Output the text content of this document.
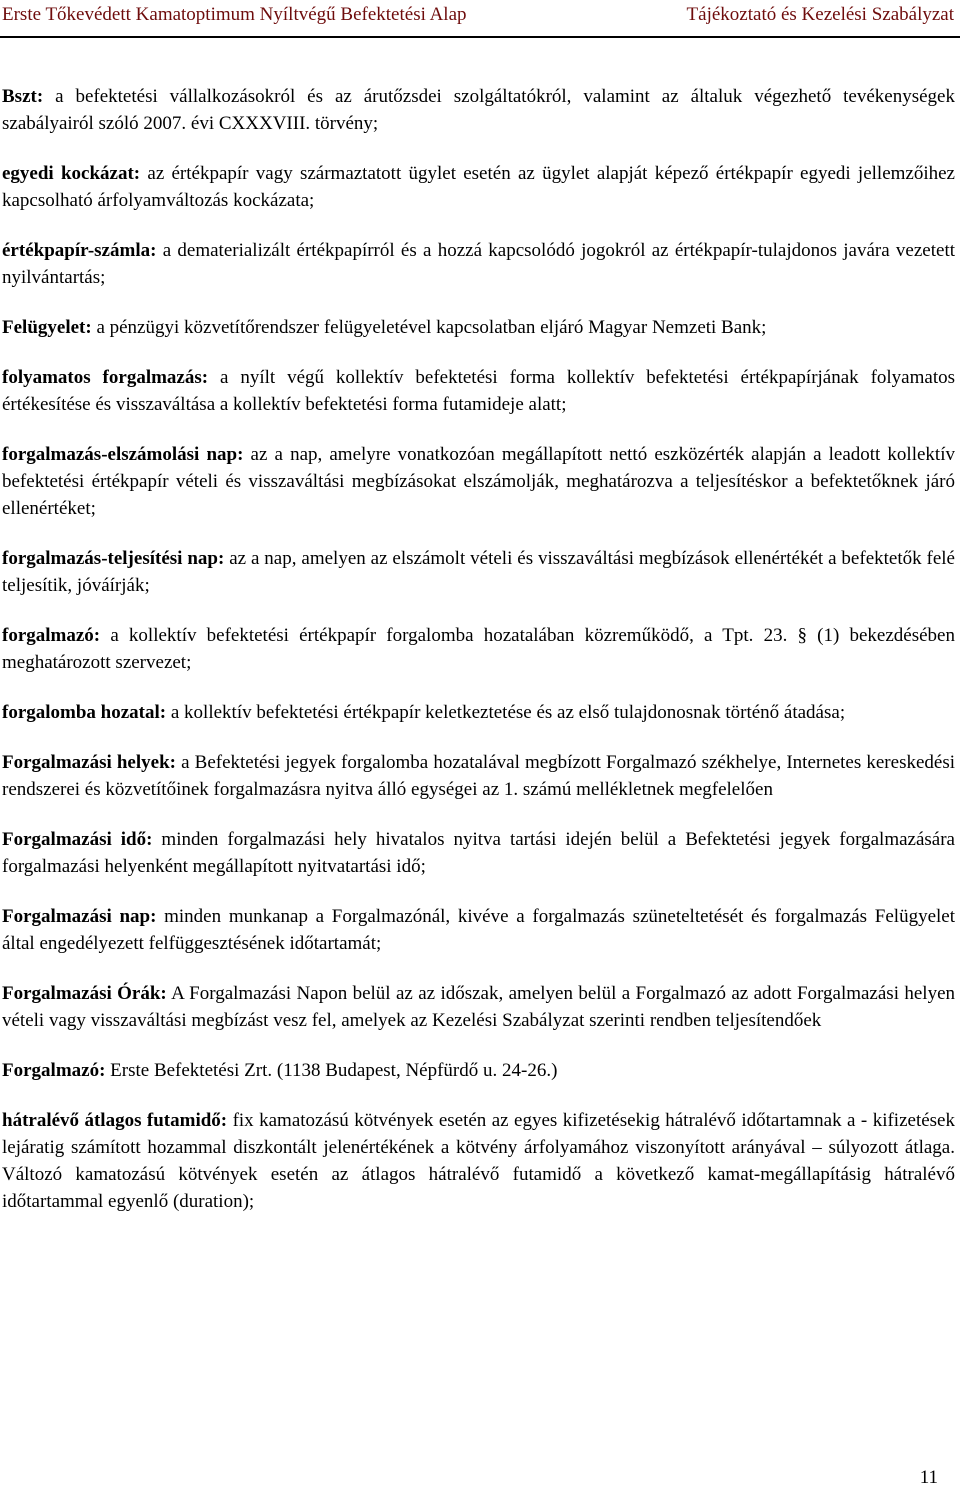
Erste Tőkevédett Kamatoptimum Nyíltvégű Befektetési Alap	Tájékoztató és Kezelési Szabályzat

Bszt: a befektetési vállalkozásokról és az árutőzsdei szolgáltatókról, valamint az általuk végezhető tevékenységek szabályairól szóló 2007. évi CXXXVIII. törvény;

egyedi kockázat: az értékpapír vagy származtatott ügylet esetén az ügylet alapját képező értékpapír egyedi jellemzőihez kapcsolható árfolyamváltozás kockázata;

értékpapír-számla: a dematerializált értékpapírról és a hozzá kapcsolódó jogokról az értékpapír-tulajdonos javára vezetett nyilvántartás;

Felügyelet: a pénzügyi közvetítőrendszer felügyeletével kapcsolatban eljáró Magyar Nemzeti Bank;

folyamatos forgalmazás: a nyílt végű kollektív befektetési forma kollektív befektetési értékpapírjának folyamatos értékesítése és visszaváltása a kollektív befektetési forma futamideje alatt;

forgalmazás-elszámolási nap: az a nap, amelyre vonatkozóan megállapított nettó eszközérték alapján a leadott kollektív befektetési értékpapír vételi és visszaváltási megbízásokat elszámolják, meghatározva a teljesítéskor a befektetőknek járó ellenértéket;

forgalmazás-teljesítési nap: az a nap, amelyen az elszámolt vételi és visszaváltási megbízások ellenértékét a befektetők felé teljesítik, jóváírják;

forgalmazó: a kollektív befektetési értékpapír forgalomba hozatalában közreműködő, a Tpt. 23. § (1) bekezdésében meghatározott szervezet;

forgalomba hozatal: a kollektív befektetési értékpapír keletkeztetése és az első tulajdonosnak történő átadása;

Forgalmazási helyek: a Befektetési jegyek forgalomba hozatalával megbízott Forgalmazó székhelye, Internetes kereskedési rendszerei és közvetítőinek forgalmazásra nyitva álló egységei az 1. számú mellékletnek megfelelően

Forgalmazási idő: minden forgalmazási hely hivatalos nyitva tartási idején belül a Befektetési jegyek forgalmazására forgalmazási helyenként megállapított nyitvatartási idő;

Forgalmazási nap: minden munkanap a Forgalmazónál, kivéve a forgalmazás szüneteltetését és forgalmazás Felügyelet által engedélyezett felfüggesztésének időtartamát;

Forgalmazási Órák: A Forgalmazási Napon belül az az időszak, amelyen belül a Forgalmazó az adott Forgalmazási helyen vételi vagy visszaváltási megbízást vesz fel, amelyek az Kezelési Szabályzat szerinti rendben teljesítendőek

Forgalmazó: Erste Befektetési Zrt. (1138 Budapest, Népfürdő u. 24-26.)

hátralévő átlagos futamidő: fix kamatozású kötvények esetén az egyes kifizetésekig hátralévő időtartamnak a - kifizetések lejáratig számított hozammal diszkontált jelenértékének a kötvény árfolyamához viszonyított arányával – súlyozott átlaga. Változó kamatozású kötvények esetén az átlagos hátralévő futamidő a következő kamat-megállapításig hátralévő időtartammal egyenlő (duration);

11
